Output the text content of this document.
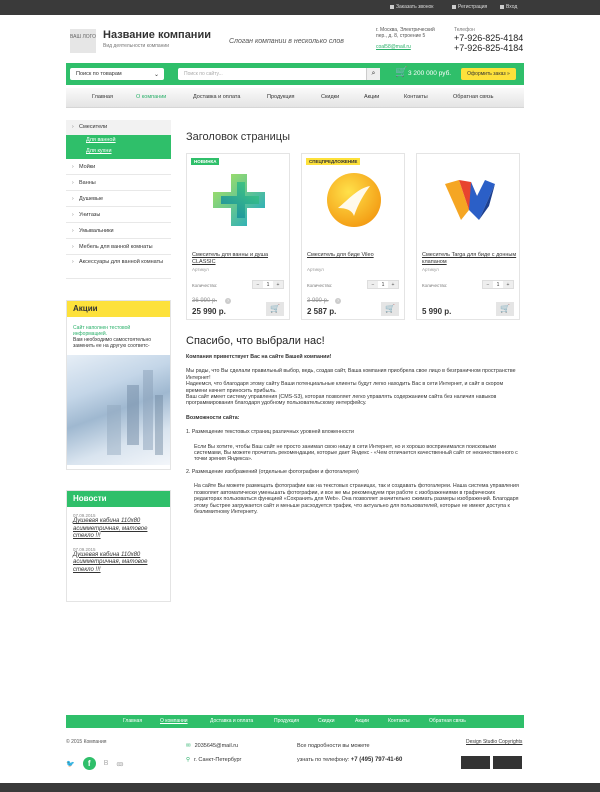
Заказать звонок	Регистрация	Вход
ВАШ ЛОГО Название компании
Вид деятельности компании
Слоган компании в несколько слов
г. Москва, Электрический
пер., д. 8, строение 5
coal58@mail.ru
Телефон
+7-926-825-4184
+7-926-825-4184
Поиск по товарам	⌄	Поиск по сайту...	⌕	🛒 3 200 000 руб.	Оформить заказ »
Главная	О компании	Доставка и оплата	Продукция	Скидки	Акции	Контакты	Обратная связь
› Смесители
Для ванной
Для кухни
› Мойки
› Ванны
› Душевые
› Унитазы
› Умывальники
› Мебель для ванной комнаты
› Аксессуары для ванной комнаты
Акции
Сайт наполнен тестовой информацией.
Вам необходимо самостоятельно заменить ее на другую соответс-
Новости
07.09.2015
Душевая кабина 110x80 асимметричная, матовое стекло !!!
07.09.2015
Душевая кабина 110x80 асимметричная, матовое стекло !!!
Заголовок страницы
НОВИНКА
Смеситель для ванны и душа CLASSIC
Артикул
Количество:	−	1	+
36 990 р.	?
25 990 р.	🛒
СПЕЦПРЕДЛОЖЕНИЕ
Смеситель для биде Vileo
Артикул
Количество:	−	1	+
3 990 р.	?
2 587 р.	🛒
Смеситель Targa для биде с донным клапаном
Артикул
Количество:	−	1	+
5 990 р.	🛒
Спасибо, что выбрали нас!

Компания приветствует Вас на сайте Вашей компании!

Мы рады, что Вы сделали правильный выбор, ведь, создав сайт, Ваша компания приобрела свое лицо в безграничном пространстве Интернет!
Надеемся, что благодаря этому сайту Ваши потенциальные клиенты будут легко находить Вас в сети Интернет, и сайт в скором времени начнет приносить прибыль.
Ваш сайт имеет систему управления (CMS-S3), которая позволяет легко управлять содержанием сайта без наличия навыков программирования благодаря удобному пользовательскому интерфейсу.

Возможности сайта:

1. Размещение текстовых страниц различных уровней вложенности

Если Вы хотите, чтобы Ваш сайт не просто занимал свою нишу в сети Интернет, но и хорошо воспринимался поисковыми системами, Вы можете прочитать рекомендации, которые дает Яндекс - «Чем отличается качественный сайт от некачественного с точки зрения Яндекса».

2. Размещение изображений (отдельные фотографии и фотогалерея)

На сайте Вы можете размещать фотографии как на текстовых страницах, так и создавать фотогалереи. Наша система управления позволяет автоматически уменьшать фотографии, и все же мы рекомендуем при работе с изображениями в графических редакторах пользоваться функцией «Сохранить для Web». Она позволяет значительно сжимать размеры изображений. Благодаря этому быстрее загружается сайт и меньше расходуется трафик, что актуально для пользователей, которые не имеют доступа к безлимитному Интернету.

Главная	О компании	Доставка и оплата	Продукция	Скидки	Акции	Контакты	Обратная связь
© 2015 Компания
🐦	f	В ꙭ
✉ 2035645@mail.ru
⚲ г. Санкт-Петербург
Все подробности вы можете
узнать по телефону: +7 (495) 797-41-60
Design Studio Copyrights
